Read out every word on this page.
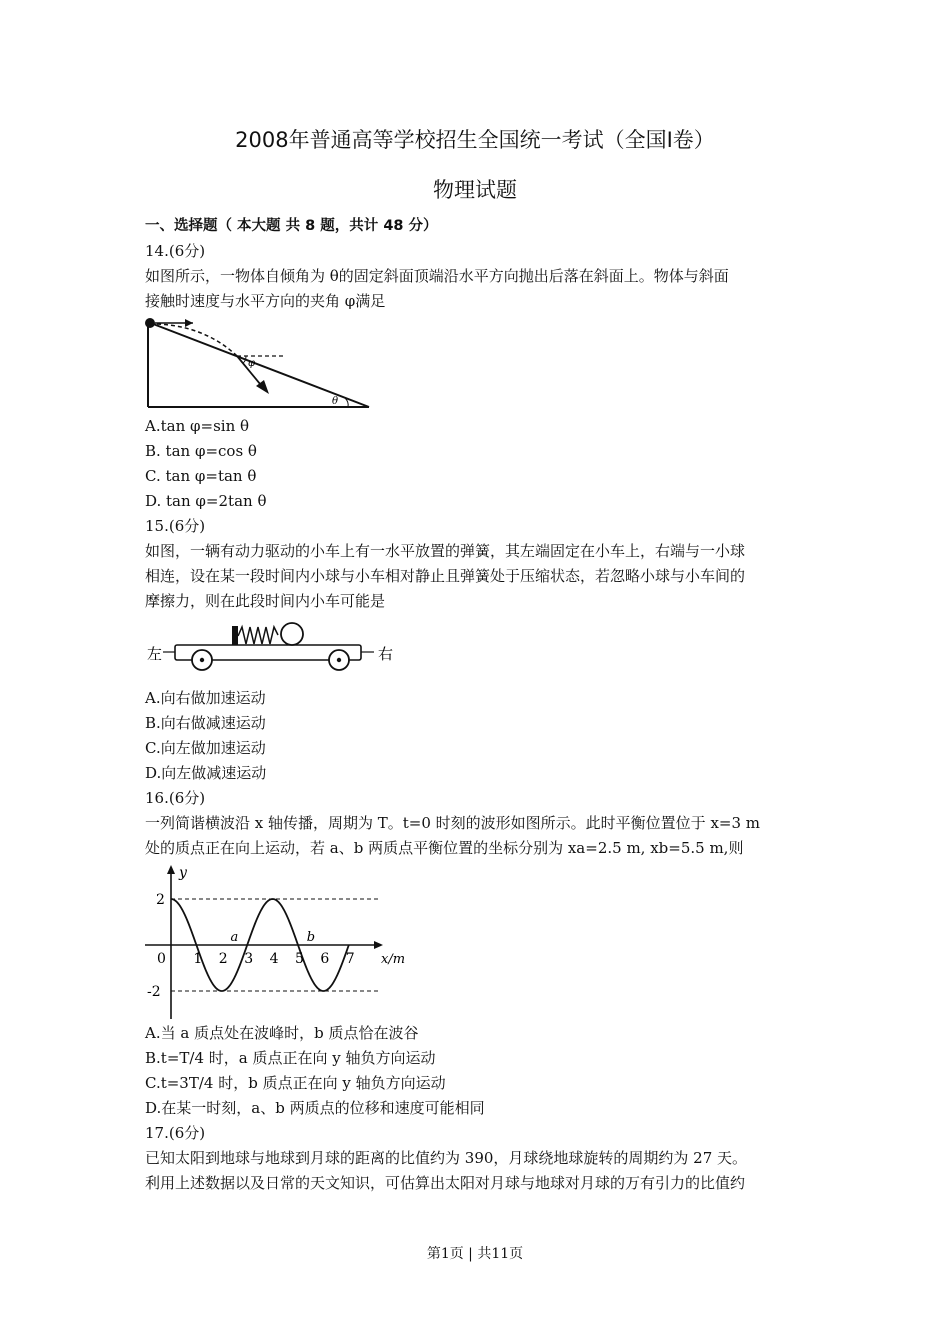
2008年普通高等学校招生全国统一考试（全国Ⅰ卷）
物理试题
一、选择题（ 本大题 共 8 题，共计 48 分）
14.(6分)
如图所示，一物体自倾角为 θ的固定斜面顶端沿水平方向抛出后落在斜面上。物体与斜面
接触时速度与水平方向的夹角 φ满足
φ
θ
A.tan φ=sin θ
B. tan φ=cos θ
C. tan φ=tan θ
D. tan φ=2tan θ
15.(6分)
如图，一辆有动力驱动的小车上有一水平放置的弹簧，其左端固定在小车上，右端与一小球
相连，设在某一段时间内小球与小车相对静止且弹簧处于压缩状态，若忽略小球与小车间的
摩擦力，则在此段时间内小车可能是
左	右
A.向右做加速运动
B.向右做减速运动
C.向左做加速运动
D.向左做减速运动
16.(6分)
一列简谐横波沿 x 轴传播，周期为 T。t=0 时刻的波形如图所示。此时平衡位置位于 x=3 m
处的质点正在向上运动，若 a、b 两质点平衡位置的坐标分别为 xa=2.5 m, xb=5.5 m,则
0 1 2 3 4 5 6 7
2
-2
x/m
y
a	b
A.当 a 质点处在波峰时，b 质点恰在波谷
B.t=T/4 时，a 质点正在向 y 轴负方向运动
C.t=3T/4 时，b 质点正在向 y 轴负方向运动
D.在某一时刻，a、b 两质点的位移和速度可能相同
17.(6分)
已知太阳到地球与地球到月球的距离的比值约为 390，月球绕地球旋转的周期约为 27 天。
利用上述数据以及日常的天文知识，可估算出太阳对月球与地球对月球的万有引力的比值约
第1页 | 共11页
